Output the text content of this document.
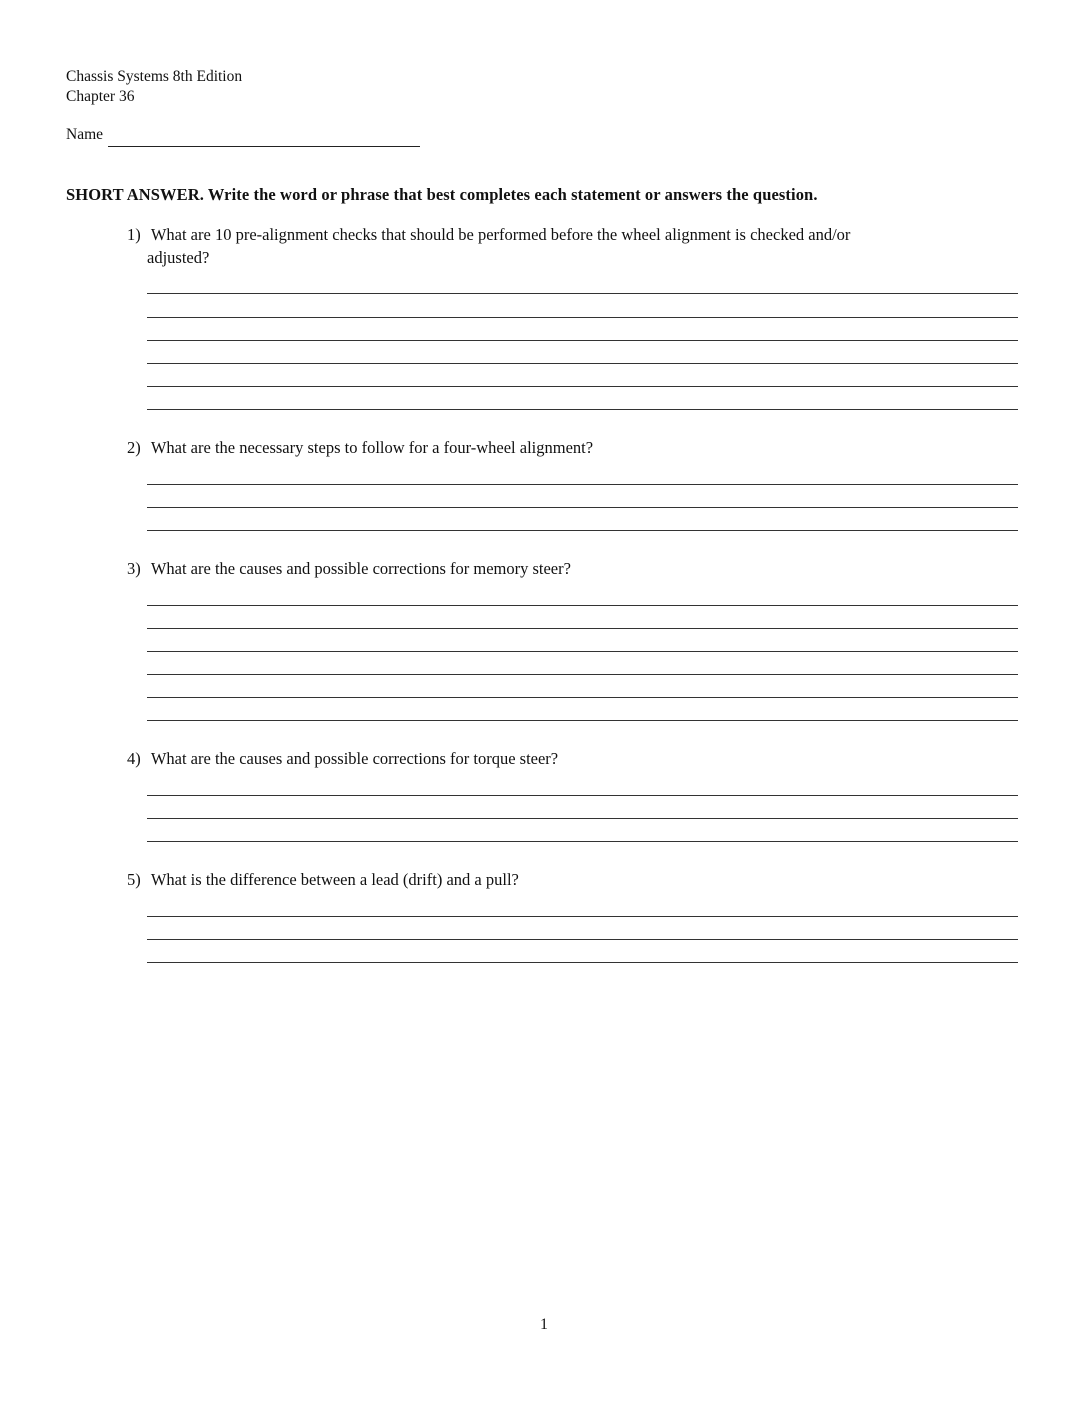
Chassis Systems 8th Edition
Chapter 36
Name
SHORT ANSWER. Write the word or phrase that best completes each statement or answers the question.
1) What are 10 pre-alignment checks that should be performed before the wheel alignment is checked and/or
adjusted?
2) What are the necessary steps to follow for a four-wheel alignment?
3) What are the causes and possible corrections for memory steer?
4) What are the causes and possible corrections for torque steer?
5) What is the difference between a lead (drift) and a pull?
1
